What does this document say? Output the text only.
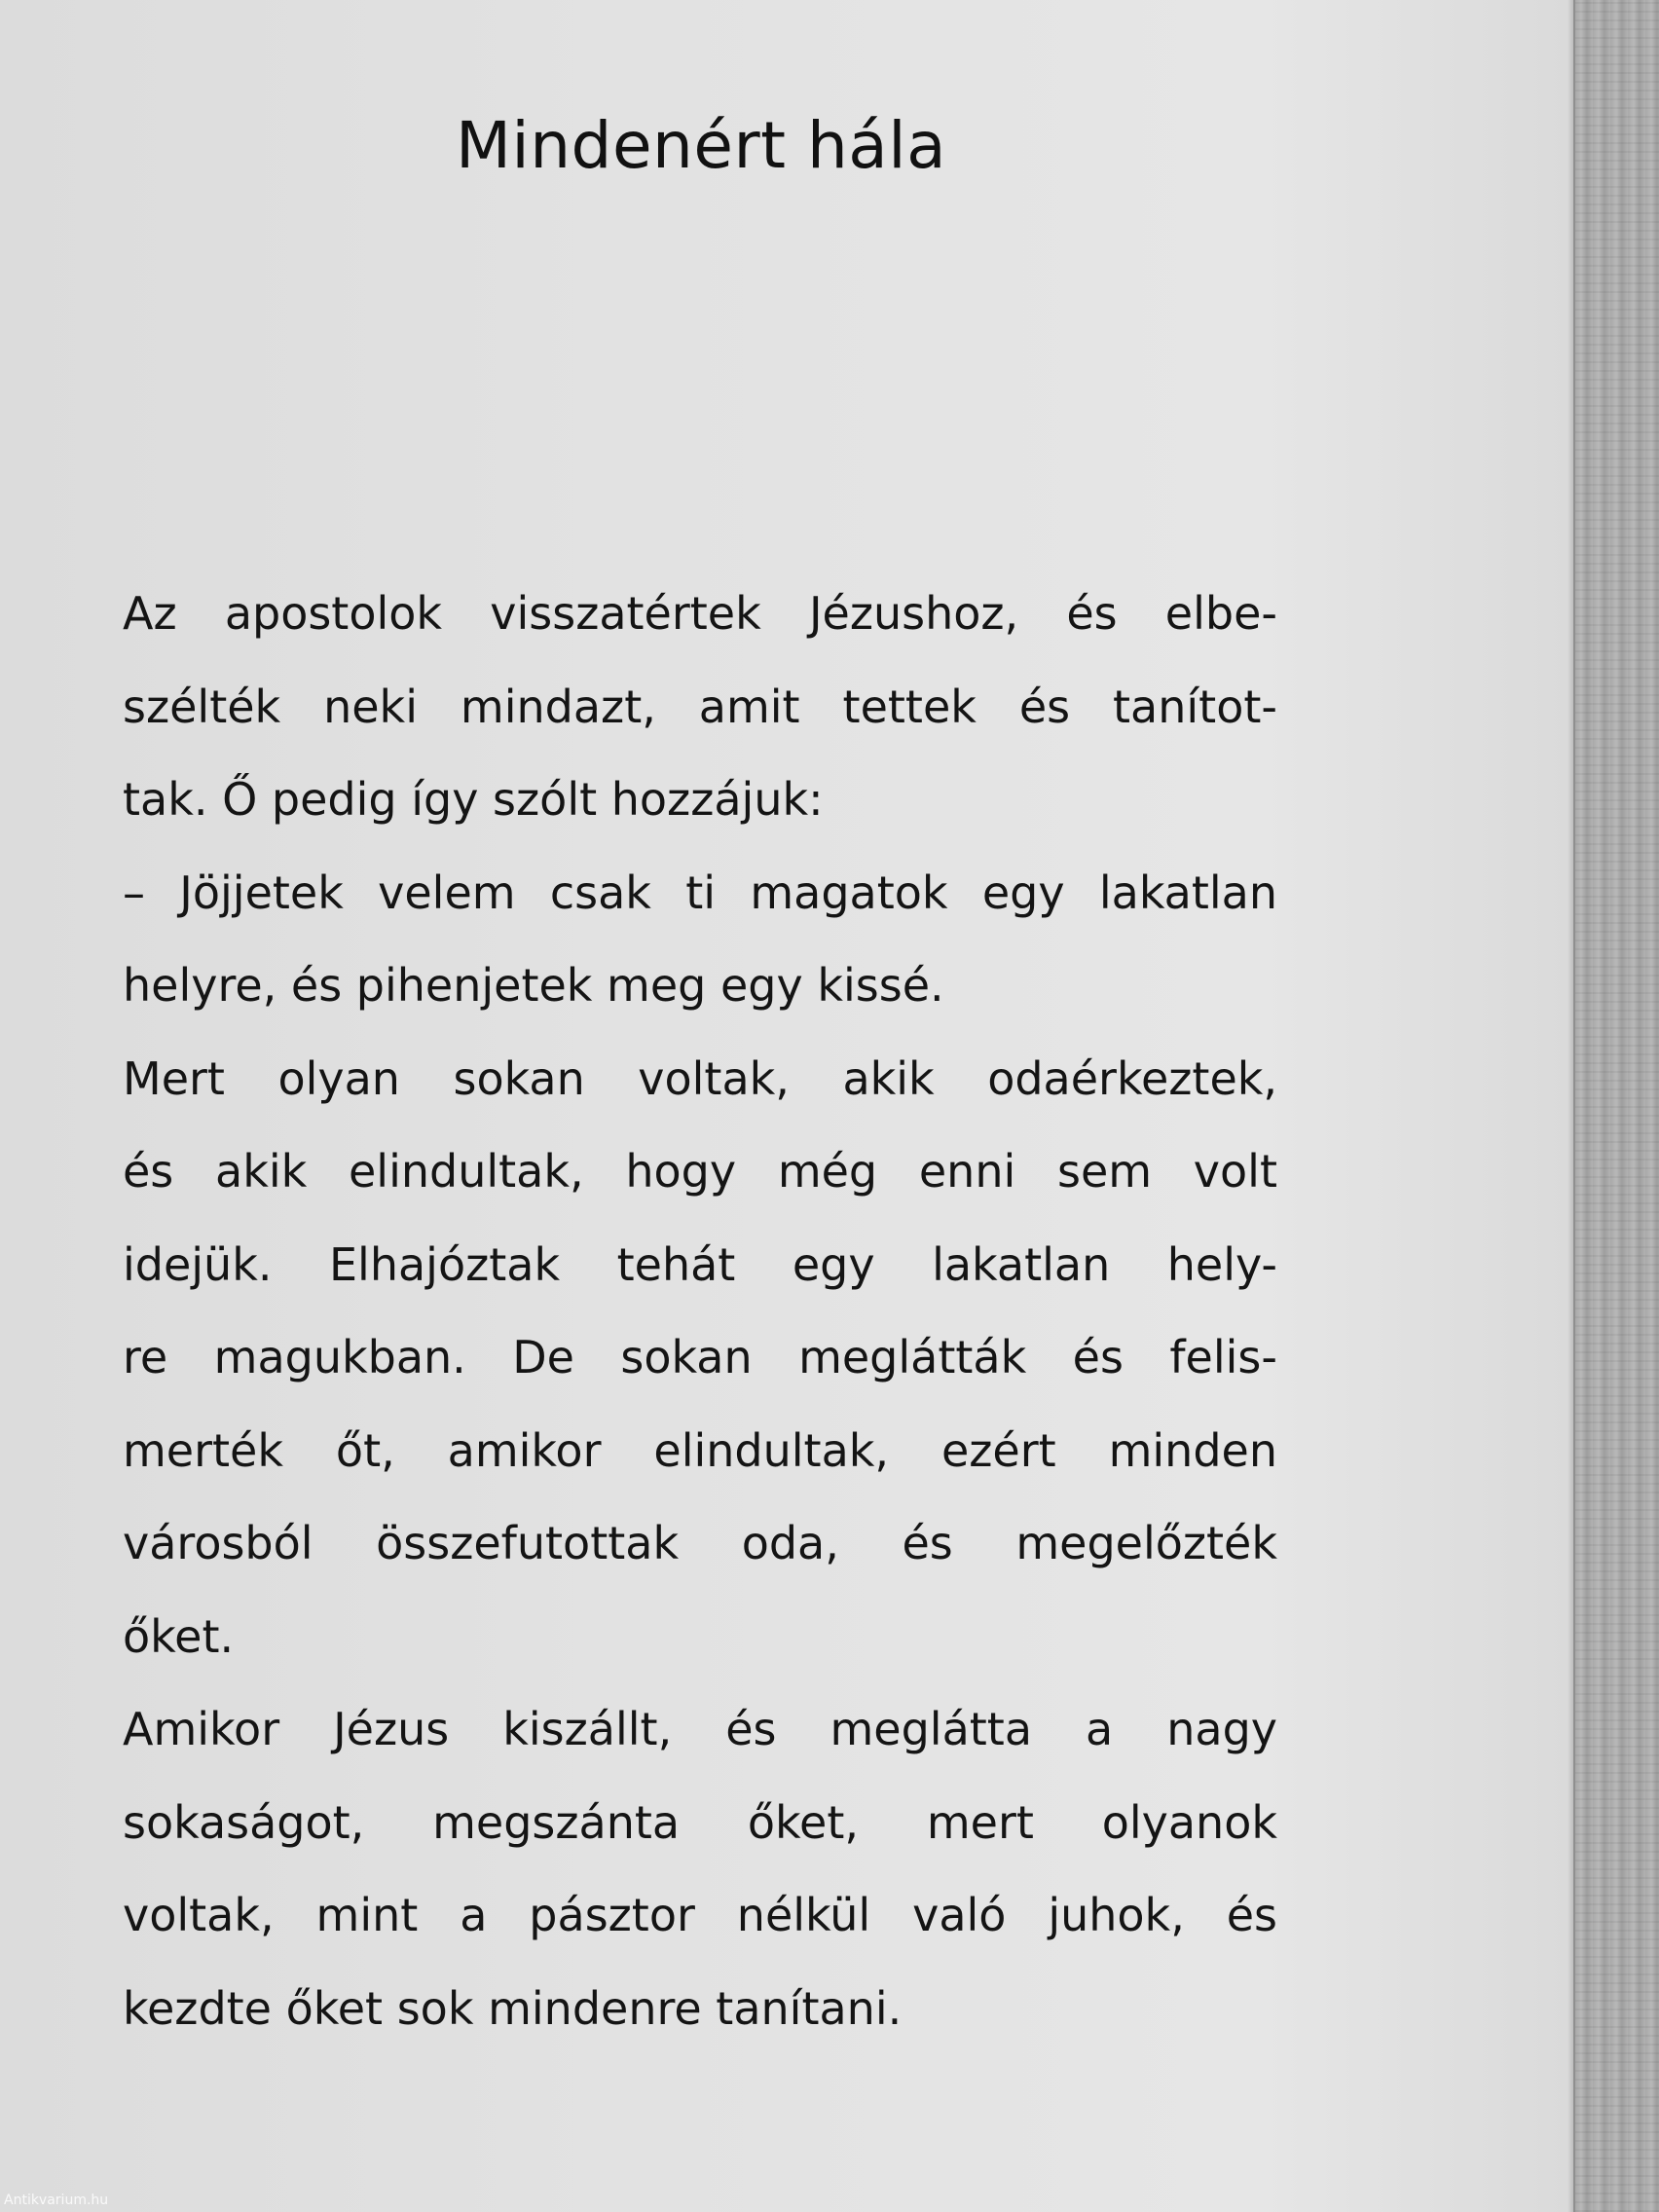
Mindenért hála
Az apostolok visszatértek Jézushoz, és elbe-
szélték neki mindazt, amit tettek és tanítot-
tak. Ő pedig így szólt hozzájuk:
– Jöjjetek velem csak ti magatok egy lakatlan
helyre, és pihenjetek meg egy kissé.
Mert olyan sokan voltak, akik odaérkeztek,
és akik elindultak, hogy még enni sem volt
idejük. Elhajóztak tehát egy lakatlan hely-
re magukban. De sokan meglátták és felis-
merték őt, amikor elindultak, ezért minden
városból összefutottak oda, és megelőzték
őket.
Amikor Jézus kiszállt, és meglátta a nagy
sokaságot, megszánta őket, mert olyanok
voltak, mint a pásztor nélkül való juhok, és
kezdte őket sok mindenre tanítani.
Antikvarium.hu
